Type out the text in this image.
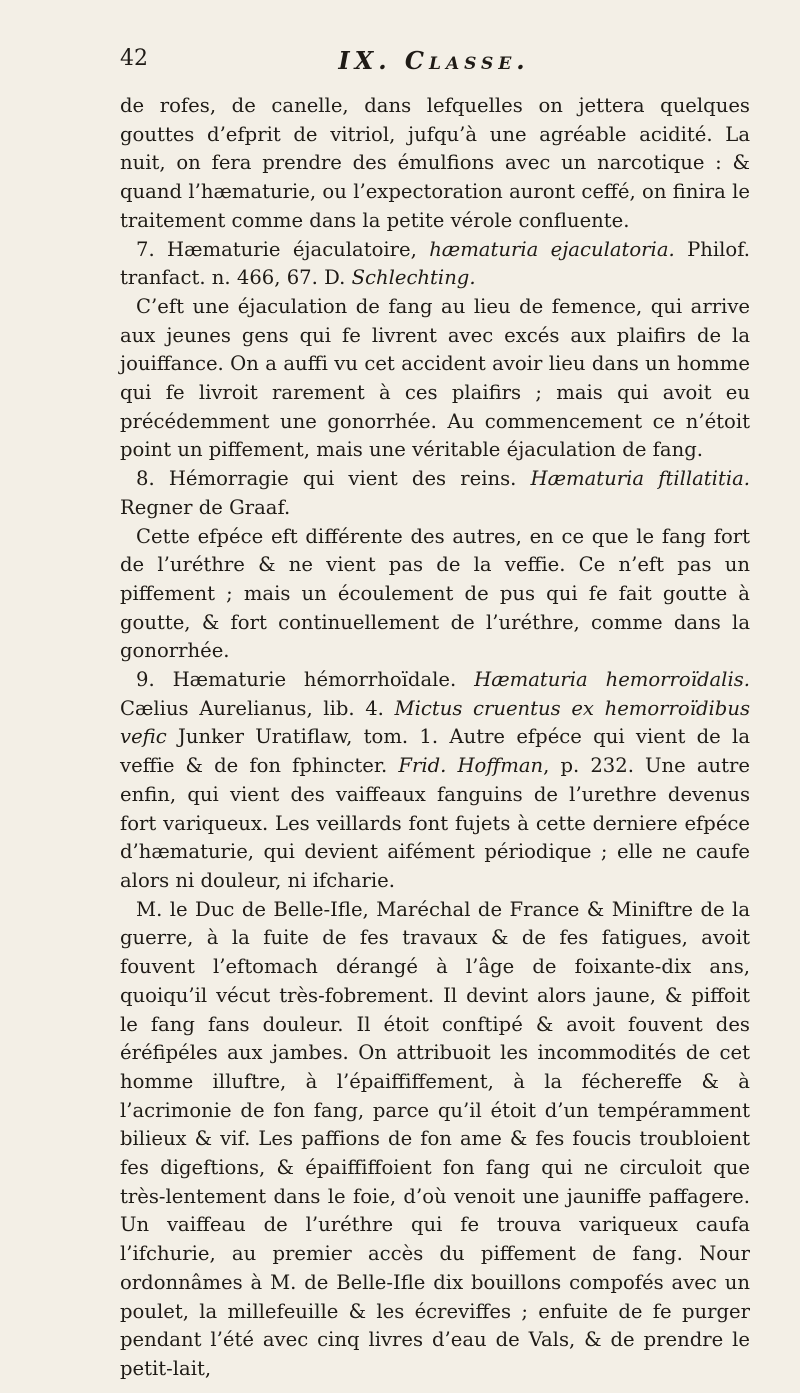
42	IX. Classe.

de rofes, de canelle, dans lefquelles on jettera quelques gouttes d’efprit de vitriol, jufqu’à une agréable acidité. La nuit, on fera prendre des émulfions avec un narcotique : & quand l’hæmaturie, ou l’expectoration auront ceffé, on finira le traitement comme dans la petite vérole confluente.

7. Hæmaturie éjaculatoire, hæmaturia ejaculatoria. Philof. tranfact. n. 466, 67. D. Schlechting.

C’eft une éjaculation de fang au lieu de femence, qui arrive aux jeunes gens qui fe livrent avec excés aux plaifirs de la jouiffance. On a auffi vu cet accident avoir lieu dans un homme qui fe livroit rarement à ces plaifirs ; mais qui avoit eu précédemment une gonorrhée. Au commencement ce n’étoit point un piffement, mais une véritable éjaculation de fang.

8. Hémorragie qui vient des reins. Hæmaturia ftillatitia. Regner de Graaf.

Cette efpéce eft différente des autres, en ce que le fang fort de l’uréthre & ne vient pas de la veffie. Ce n’eft pas un piffement ; mais un écoulement de pus qui fe fait goutte à goutte, & fort continuellement de l’uréthre, comme dans la gonorrhée.

9. Hæmaturie hémorrhoïdale. Hæmaturia hemorroïdalis. Cælius Aurelianus, lib. 4. Mictus cruentus ex hemorroïdibus vefic Junker Uratiflaw, tom. 1. Autre efpéce qui vient de la veffie & de fon fphincter. Frid. Hoffman, p. 232. Une autre enfin, qui vient des vaiffeaux fanguins de l’urethre devenus fort variqueux. Les veillards font fujets à cette derniere efpéce d’hæmaturie, qui devient aifément périodique ; elle ne caufe alors ni douleur, ni ifcharie.

M. le Duc de Belle-Ifle, Maréchal de France & Miniftre de la guerre, à la fuite de fes travaux & de fes fatigues, avoit fouvent l’eftomach dérangé à l’âge de foixante-dix ans, quoiqu’il vécut très-fobrement. Il devint alors jaune, & piffoit le fang fans douleur. Il étoit conftipé & avoit fouvent des éréfipéles aux jambes. On attribuoit les incommodités de cet homme illuftre, à l’épaiffiffement, à la féchereffe & à l’acrimonie de fon fang, parce qu’il étoit d’un tempéramment bilieux & vif. Les paffions de fon ame & fes foucis troubloient fes digeftions, & épaiffiffoient fon fang qui ne circuloit que très-lentement dans le foie, d’où venoit une jauniffe paffagere. Un vaiffeau de l’uréthre qui fe trouva variqueux caufa l’ifchurie, au premier accès du piffement de fang. Nour ordonnâmes à M. de Belle-Ifle dix bouillons compofés avec un poulet, la millefeuille & les écreviffes ; enfuite de fe purger pendant l’été avec cinq livres d’eau de Vals, & de prendre le petit-lait,
